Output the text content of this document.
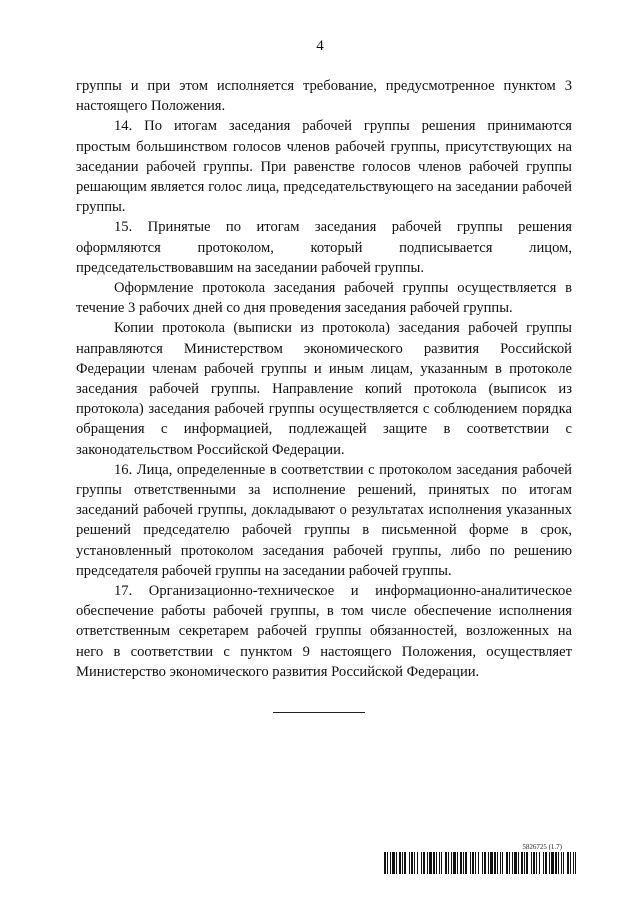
4

группы и при этом исполняется требование, предусмотренное пунктом 3 настоящего Положения.

14. По итогам заседания рабочей группы решения принимаются простым большинством голосов членов рабочей группы, присутствующих на заседании рабочей группы. При равенстве голосов членов рабочей группы решающим является голос лица, председательствующего на заседании рабочей группы.

15. Принятые по итогам заседания рабочей группы решения оформляются протоколом, который подписывается лицом, председательствовавшим на заседании рабочей группы.

Оформление протокола заседания рабочей группы осуществляется в течение 3 рабочих дней со дня проведения заседания рабочей группы.

Копии протокола (выписки из протокола) заседания рабочей группы направляются Министерством экономического развития Российской Федерации членам рабочей группы и иным лицам, указанным в протоколе заседания рабочей группы. Направление копий протокола (выписок из протокола) заседания рабочей группы осуществляется с соблюдением порядка обращения с информацией, подлежащей защите в соответствии с законодательством Российской Федерации.

16. Лица, определенные в соответствии с протоколом заседания рабочей группы ответственными за исполнение решений, принятых по итогам заседаний рабочей группы, докладывают о результатах исполнения указанных решений председателю рабочей группы в письменной форме в срок, установленный протоколом заседания рабочей группы, либо по решению председателя рабочей группы на заседании рабочей группы.

17. Организационно-техническое и информационно-аналитическое обеспечение работы рабочей группы, в том числе обеспечение исполнения ответственным секретарем рабочей группы обязанностей, возложенных на него в соответствии с пунктом 9 настоящего Положения, осуществляет Министерство экономического развития Российской Федерации.

5826725 (1.7)
